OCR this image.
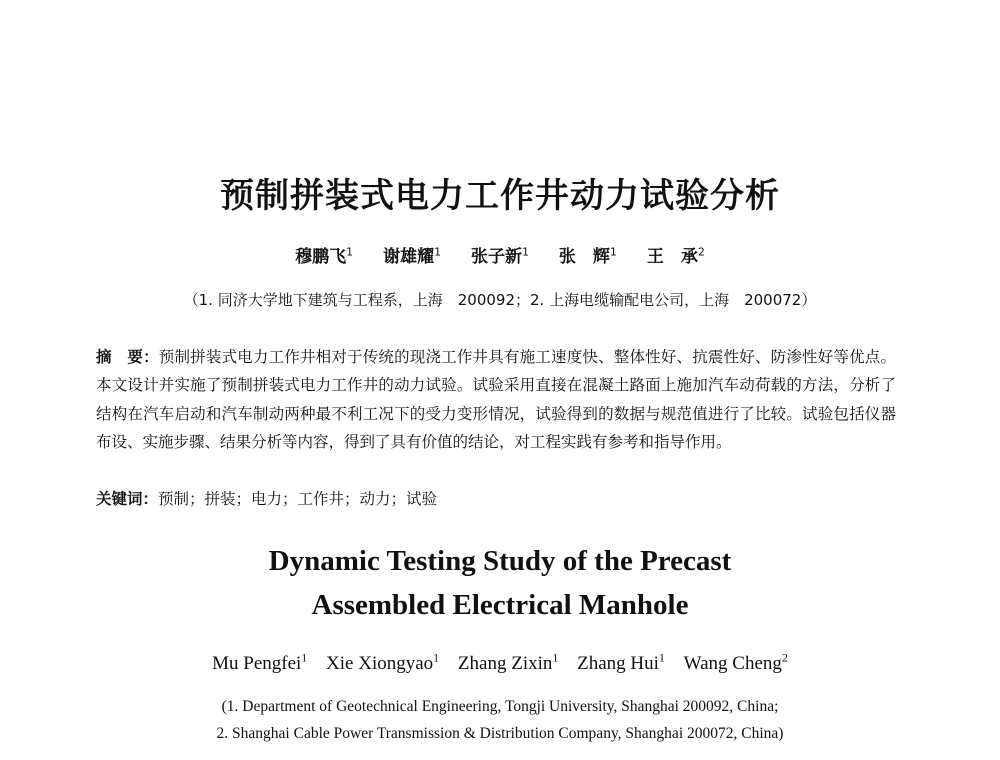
预制拼装式电力工作井动力试验分析
穆鹏飞$^1$ 谢雄耀$^1$ 张子新$^1$ 张　辉$^1$ 王　承$^2$
（1. 同济大学地下建筑与工程系，上海　200092；2. 上海电缆输配电公司，上海　200072）
摘　要：预制拼装式电力工作井相对于传统的现浇工作井具有施工速度快、整体性好、抗震性好、防渗性好等优点。本文设计并实施了预制拼装式电力工作井的动力试验。试验采用直接在混凝土路面上施加汽车动荷载的方法，分析了结构在汽车启动和汽车制动两种最不利工况下的受力变形情况，试验得到的数据与规范值进行了比较。试验包括仪器布设、实施步骤、结果分析等内容，得到了具有价值的结论，对工程实践有参考和指导作用。
关键词：预制；拼装；电力；工作井；动力；试验
Dynamic Testing Study of the Precast
Assembled Electrical Manhole
Mu Pengfei$^1$ Xie Xiongyao$^1$ Zhang Zixin$^1$ Zhang Hui$^1$ Wang Cheng$^2$
(1. Department of Geotechnical Engineering, Tongji University, Shanghai 200092, China;
2. Shanghai Cable Power Transmission & Distribution Company, Shanghai 200072, China)
